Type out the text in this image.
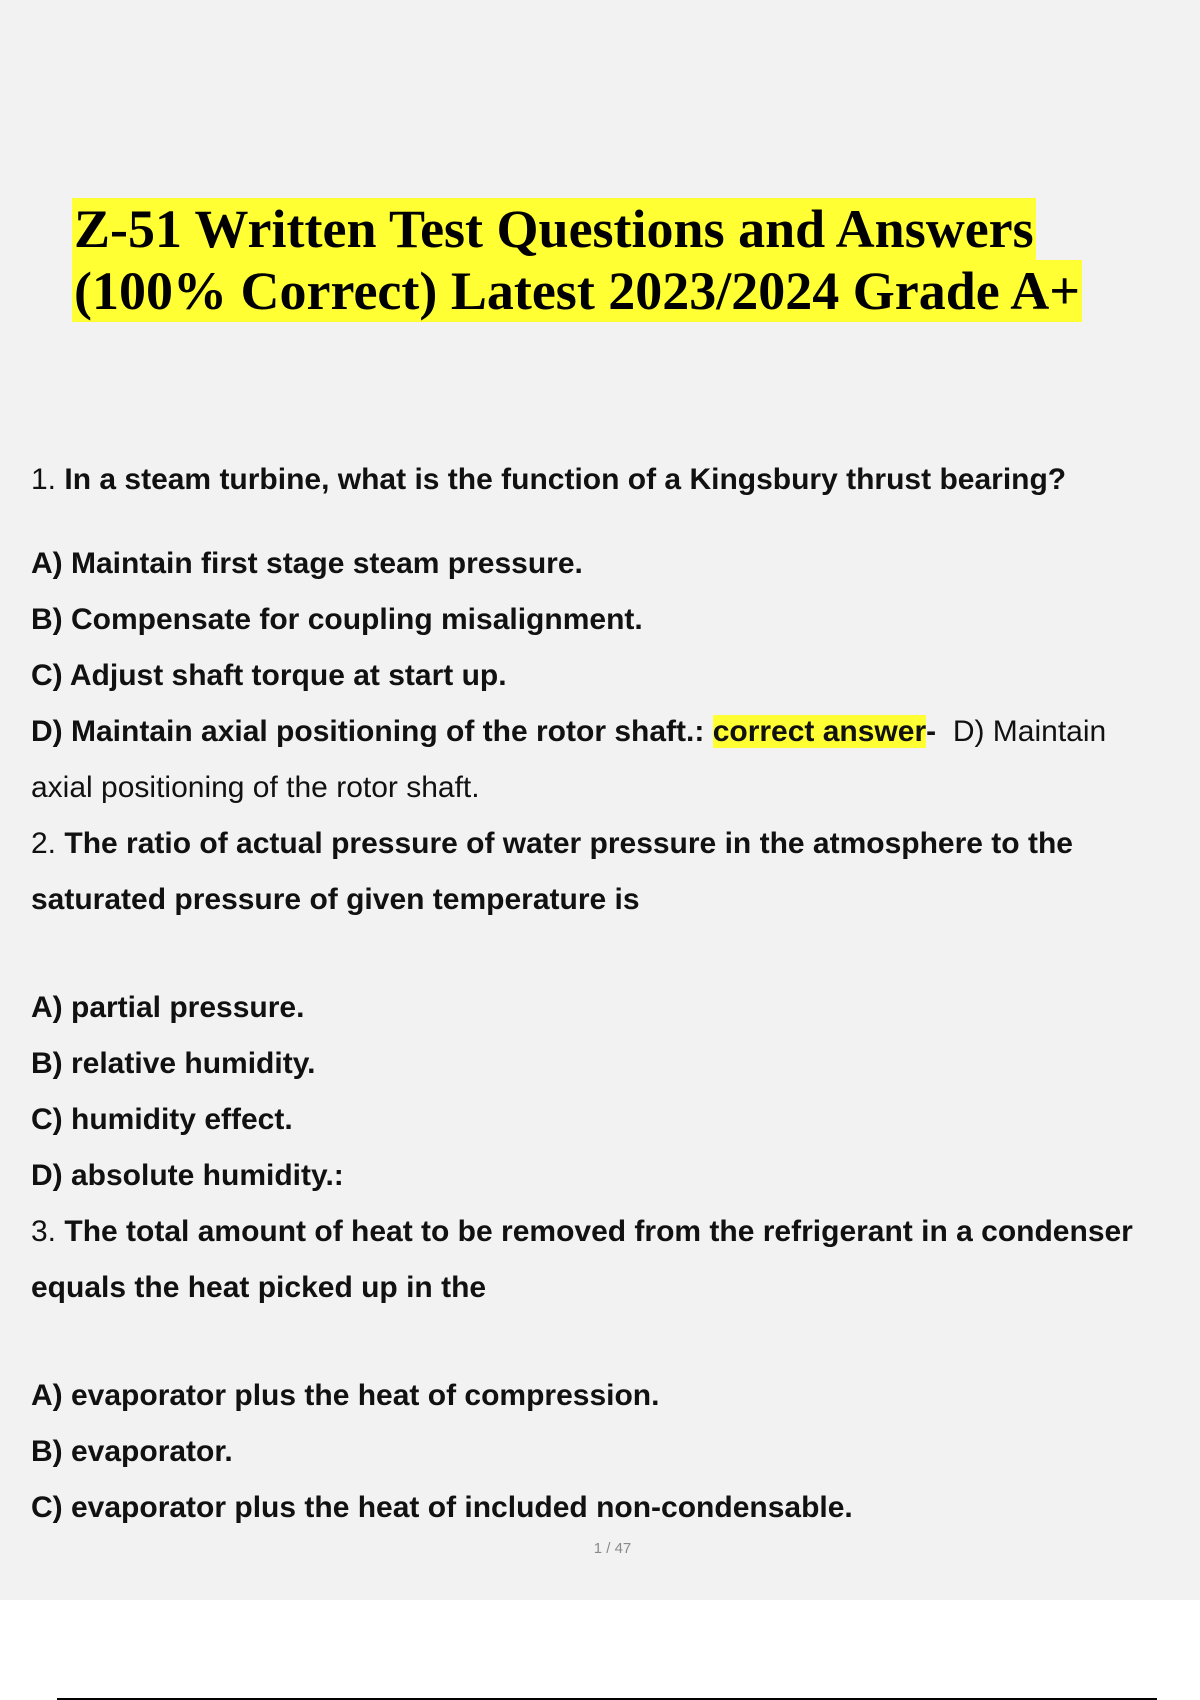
Z-51 Written Test Questions and Answers
(100% Correct) Latest 2023/2024 Grade A+
1. In a steam turbine, what is the function of a Kingsbury thrust bearing?
A) Maintain first stage steam pressure.
B) Compensate for coupling misalignment.
C) Adjust shaft torque at start up.
D) Maintain axial positioning of the rotor shaft.: correct answer- D) Maintain
axial positioning of the rotor shaft.
2. The ratio of actual pressure of water pressure in the atmosphere to the
saturated pressure of given temperature is
A) partial pressure.
B) relative humidity.
C) humidity effect.
D) absolute humidity.:
3. The total amount of heat to be removed from the refrigerant in a condenser
equals the heat picked up in the
A) evaporator plus the heat of compression.
B) evaporator.
C) evaporator plus the heat of included non-condensable.
1 / 47
